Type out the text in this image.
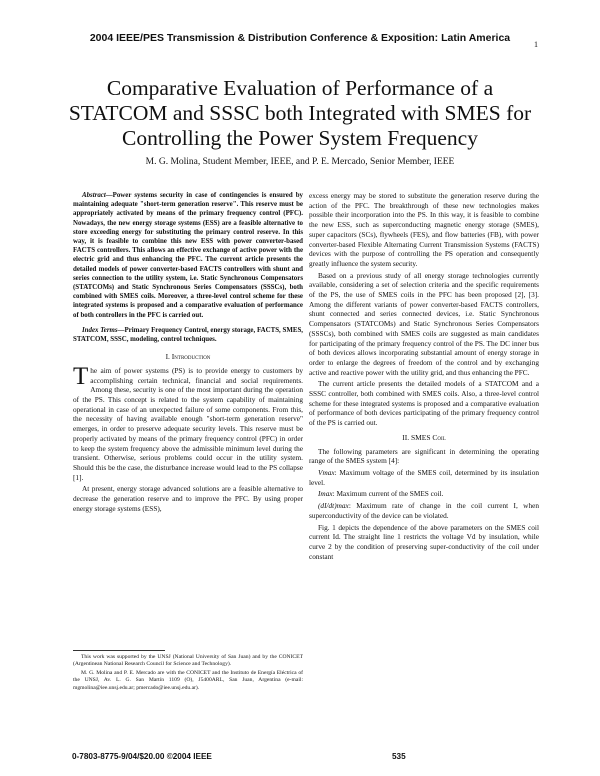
2004 IEEE/PES Transmission & Distribution Conference & Exposition: Latin America
1
Comparative Evaluation of Performance of a STATCOM and SSSC both Integrated with SMES for Controlling the Power System Frequency
M. G. Molina, Student Member, IEEE, and P. E. Mercado, Senior Member, IEEE

Abstract—Power systems security in case of contingencies is ensured by maintaining adequate "short-term generation reserve". This reserve must be appropriately activated by means of the primary frequency control (PFC). Nowadays, the new energy storage systems (ESS) are a feasible alternative to store exceeding energy for substituting the primary control reserve. In this way, it is feasible to combine this new ESS with power converter-based FACTS controllers. This allows an effective exchange of active power with the electric grid and thus enhancing the PFC. The current article presents the detailed models of power converter-based FACTS controllers with shunt and series connection to the utility system, i.e. Static Synchronous Compensators (STATCOMs) and Static Synchronous Series Compensators (SSSCs), both combined with SMES coils. Moreover, a three-level control scheme for these integrated systems is proposed and a comparative evaluation of performance of both controllers in the PFC is carried out.

Index Terms—Primary Frequency Control, energy storage, FACTS, SMES, STATCOM, SSSC, modeling, control techniques.

I. Introduction

The aim of power systems (PS) is to provide energy to customers by accomplishing certain technical, financial and social requirements. Among these, security is one of the most important during the operation of the PS. This concept is related to the system capability of maintaining operational in case of an unexpected failure of some components. From this, the necessity of having available enough "short-term generation reserve" emerges, in order to preserve adequate security levels. This reserve must be properly activated by means of the primary frequency control (PFC) in order to keep the system frequency above the admissible minimum level during the transient. Otherwise, serious problems could occur in the utility system. Should this be the case, the disturbance increase would lead to the PS collapse [1].

At present, energy storage advanced solutions are a feasible alternative to decrease the generation reserve and to improve the PFC. By using proper energy storage systems (ESS),

This work was supported by the UNSJ (National University of San Juan) and by the CONICET (Argentinean National Research Council for Science and Technology).

M. G. Molina and P. E. Mercado are with the CONICET and the Instituto de Energía Eléctrica of the UNSJ, Av. L. G. San Martín 1109 (O), J5400ARL, San Juan, Argentina (e-mail: mgmolina@iee.unsj.edu.ar; pmercado@iee.unsj.edu.ar).

excess energy may be stored to substitute the generation reserve during the action of the PFC. The breakthrough of these new technologies makes possible their incorporation into the PS. In this way, it is feasible to combine the new ESS, such as superconducting magnetic energy storage (SMES), super capacitors (SCs), flywheels (FES), and flow batteries (FB), with power converter-based Flexible Alternating Current Transmission Systems (FACTS) devices with the purpose of controlling the PS operation and consequently greatly influence the system security.

Based on a previous study of all energy storage technologies currently available, considering a set of selection criteria and the specific requirements of the PS, the use of SMES coils in the PFC has been proposed [2], [3]. Among the different variants of power converter-based FACTS controllers, shunt connected and series connected devices, i.e. Static Synchronous Compensators (STATCOMs) and Static Synchronous Series Compensators (SSSCs), both combined with SMES coils are suggested as main candidates for participating of the primary frequency control of the PS. The DC inner bus of both devices allows incorporating substantial amount of energy storage in order to enlarge the degrees of freedom of the control and by exchanging active and reactive power with the utility grid, and thus enhancing the PFC.

The current article presents the detailed models of a STATCOM and a SSSC controller, both combined with SMES coils. Also, a three-level control scheme for these integrated systems is proposed and a comparative evaluation of performance of both devices participating of the primary frequency control of the PS is carried out.

II. SMES Coil

The following parameters are significant in determining the operating range of the SMES system [4]:

Vmax: Maximum voltage of the SMES coil, determined by its insulation level.

Imax: Maximum current of the SMES coil.

(dI/dt)max: Maximum rate of change in the coil current I, when superconductivity of the device can be violated.

Fig. 1 depicts the dependence of the above parameters on the SMES coil current Id. The straight line 1 restricts the voltage Vd by insulation, while curve 2 by the condition of preserving super-conductivity of the coil under constant

0-7803-8775-9/04/$20.00 ©2004 IEEE	535
